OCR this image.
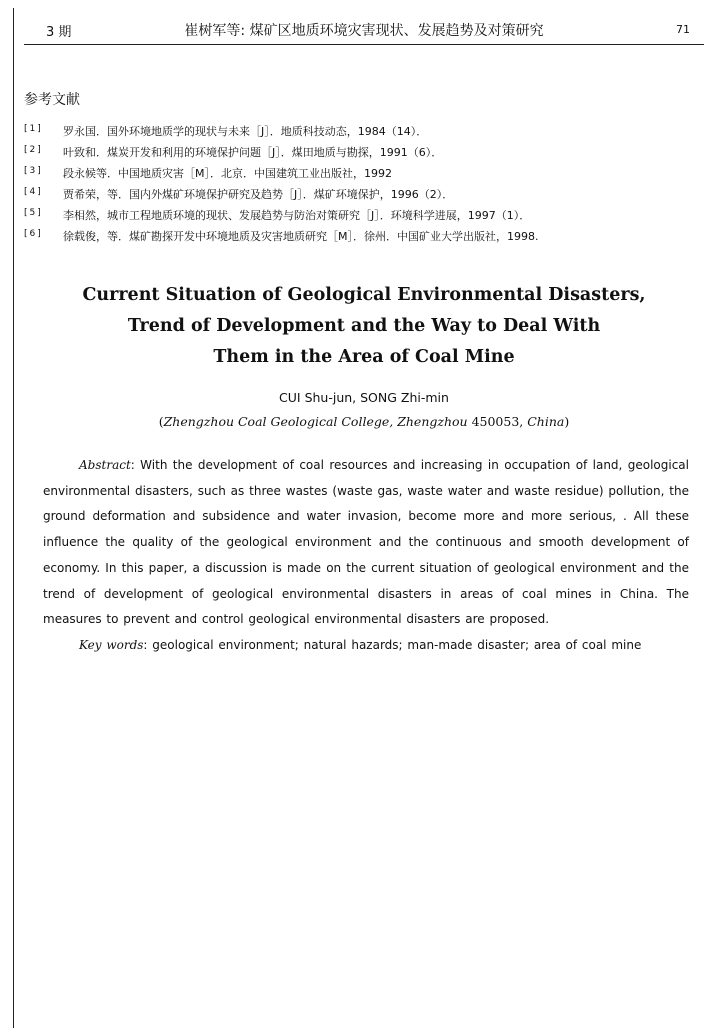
3 期	崔树军等: 煤矿区地质环境灾害现状、发展趋势及对策研究	71
参考文献
[1] 罗永国．国外环境地质学的现状与未来［J］．地质科技动态，1984（14）．
[2] 叶致和．煤炭开发和利用的环境保护问题［J］．煤田地质与勘探，1991（6）．
[3] 段永候等．中国地质灾害［M］．北京．中国建筑工业出版社，1992
[4] 贾希荣，等．国内外煤矿环境保护研究及趋势［J］．煤矿环境保护，1996（2）．
[5] 李相然，城市工程地质环境的现状、发展趋势与防治对策研究［J］．环境科学进展，1997（1）．
[6] 徐载俊，等．煤矿勘探开发中环境地质及灾害地质研究［M］．徐州．中国矿业大学出版社，1998.
Current Situation of Geological Environmental Disasters,
Trend of Development and the Way to Deal With
Them in the Area of Coal Mine
CUI Shu-jun, SONG Zhi-min
(Zhengzhou Coal Geological College, Zhengzhou 450053, China)
Abstract: With the development of coal resources and increasing in occupation of land, geological environmental disasters, such as three wastes (waste gas, waste water and waste residue) pollution, the ground deformation and subsidence and water invasion, become more and more serious, . All these influence the quality of the geological environment and the continuous and smooth development of economy. In this paper, a discussion is made on the current situation of geological environment and the trend of development of geological environmental disasters in areas of coal mines in China. The measures to prevent and control geological environmental disasters are proposed.
Key words: geological environment; natural hazards; man-made disaster; area of coal mine
